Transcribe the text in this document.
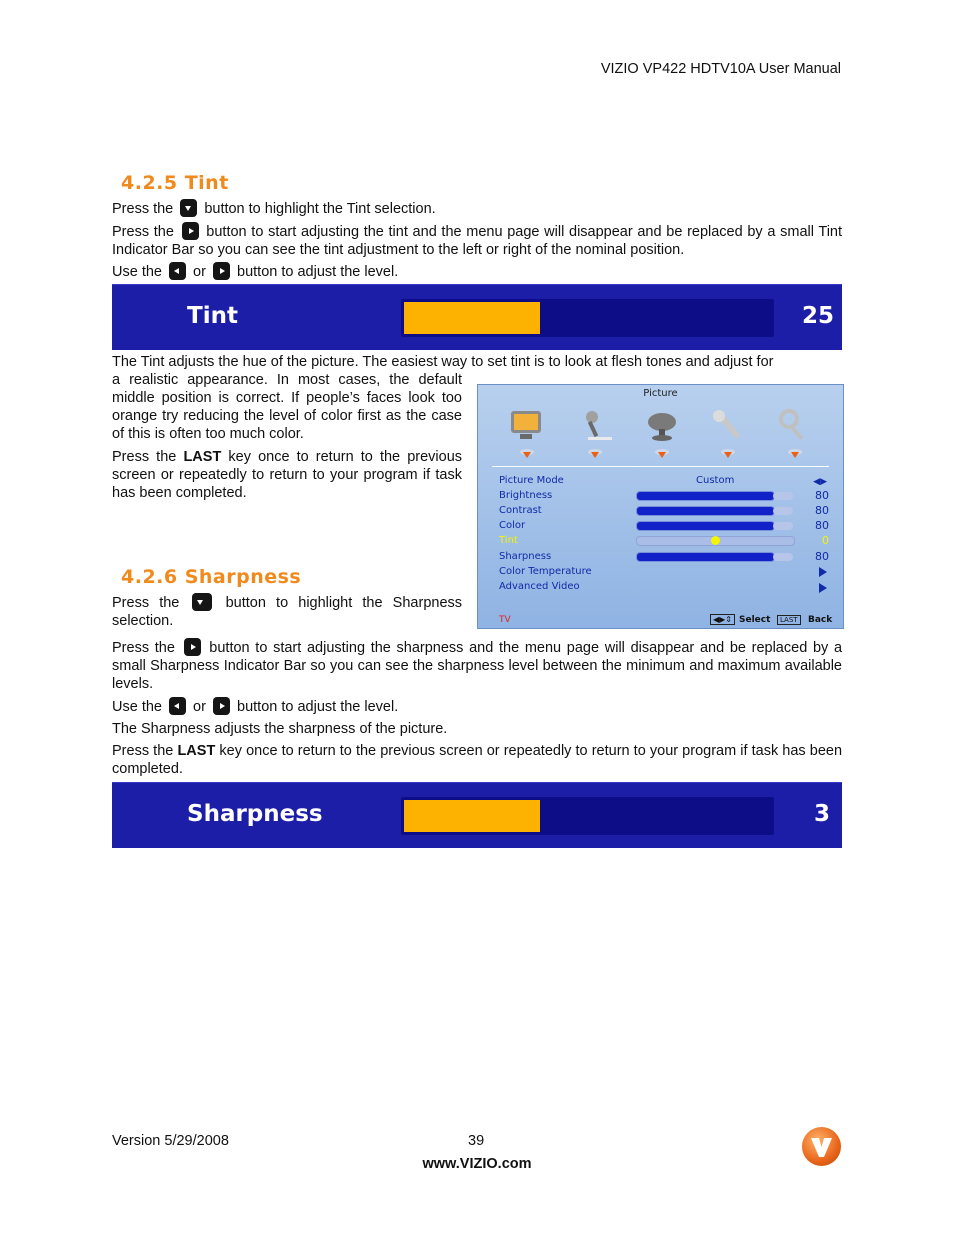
VIZIO VP422 HDTV10A User Manual
4.2.5 Tint

Press the button to highlight the Tint selection.

Press the button to start adjusting the tint and the menu page will disappear and be replaced by a small Tint Indicator Bar so you can see the tint adjustment to the left or right of the nominal position.

Use the or button to adjust the level.

Tint	25

The Tint adjusts the hue of the picture. The easiest way to set tint is to look at flesh tones and adjust for

a realistic appearance. In most cases, the default middle position is correct. If people’s faces look too orange try reducing the level of color first as the case of this is often too much color.

Press the LAST key once to return to the previous screen or repeatedly to return to your program if task has been completed.

Picture
Picture Mode	Custom	◀▶
Brightness	80
Contrast	80
Color	80
Tint	0
Sharpness	80
Color Temperature
Advanced Video
TV	◀▶⇕ Select	LAST	Back
4.2.6 Sharpness

Press the	button to highlight the Sharpness selection.

Press the button to start adjusting the sharpness and the menu page will disappear and be replaced by a small Sharpness Indicator Bar so you can see the sharpness level between the minimum and maximum available levels.

Use the or button to adjust the level.

The Sharpness adjusts the sharpness of the picture.

Press the LAST key once to return to the previous screen or repeatedly to return to your program if task has been completed.

Sharpness	3
Version 5/29/2008	39
www.VIZIO.com
